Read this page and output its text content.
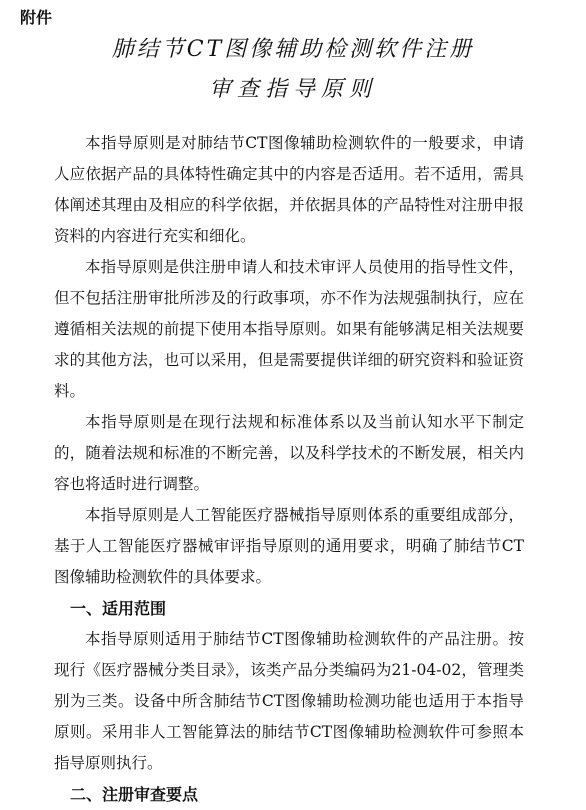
附件
肺结节CT图像辅助检测软件注册
审查指导原则

本指导原则是对肺结节CT图像辅助检测软件的一般要求，申请人应依据产品的具体特性确定其中的内容是否适用。若不适用，需具体阐述其理由及相应的科学依据，并依据具体的产品特性对注册申报资料的内容进行充实和细化。

本指导原则是供注册申请人和技术审评人员使用的指导性文件，但不包括注册审批所涉及的行政事项，亦不作为法规强制执行，应在遵循相关法规的前提下使用本指导原则。如果有能够满足相关法规要求的其他方法，也可以采用，但是需要提供详细的研究资料和验证资料。

本指导原则是在现行法规和标准体系以及当前认知水平下制定的，随着法规和标准的不断完善，以及科学技术的不断发展，相关内容也将适时进行调整。

本指导原则是人工智能医疗器械指导原则体系的重要组成部分，基于人工智能医疗器械审评指导原则的通用要求，明确了肺结节CT图像辅助检测软件的具体要求。

一、适用范围

本指导原则适用于肺结节CT图像辅助检测软件的产品注册。按现行《医疗器械分类目录》，该类产品分类编码为21-04-02，管理类别为三类。设备中所含肺结节CT图像辅助检测功能也适用于本指导原则。采用非人工智能算法的肺结节CT图像辅助检测软件可参照本指导原则执行。

二、注册审查要点
